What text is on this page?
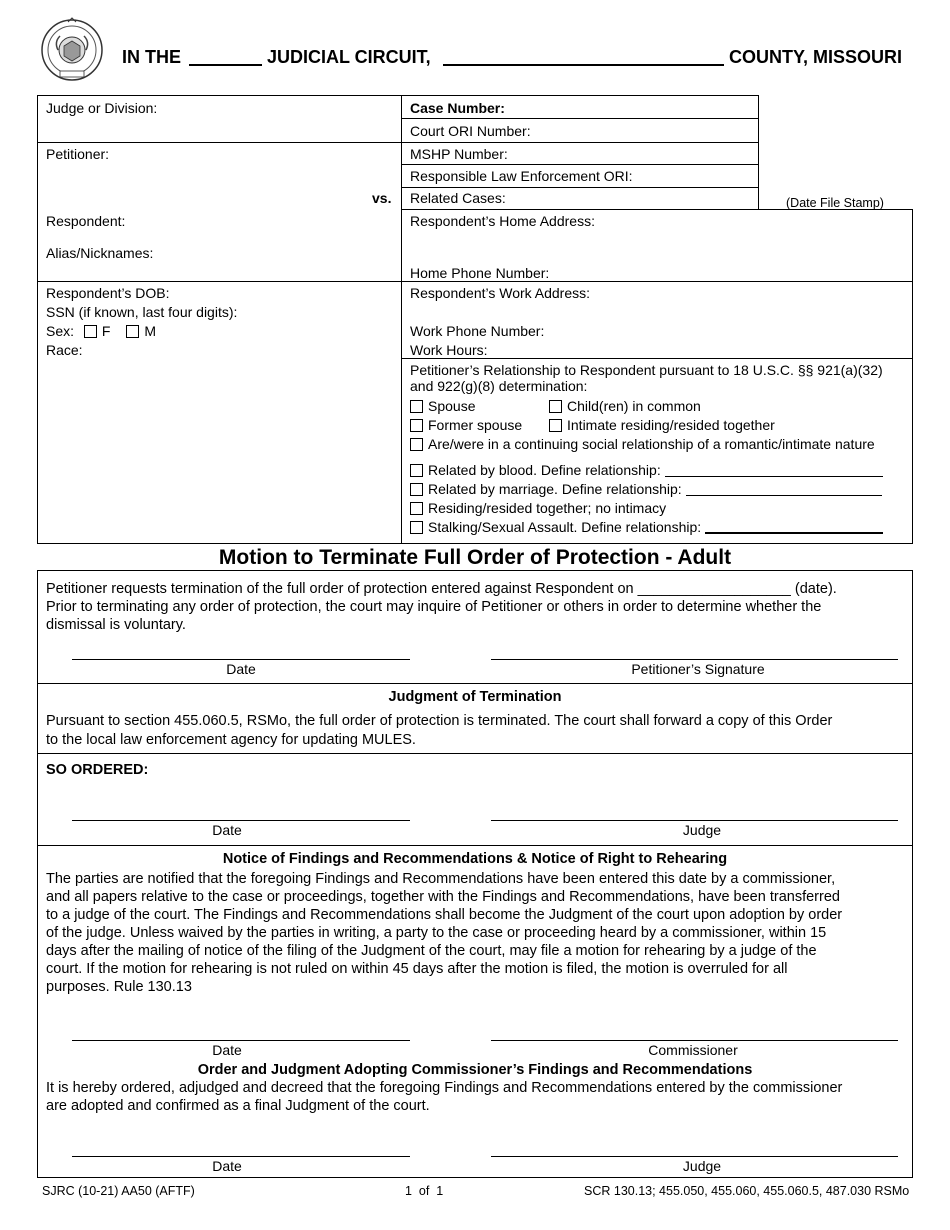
IN THE	JUDICIAL CIRCUIT,	COUNTY, MISSOURI
Judge or Division:
Petitioner:
vs.
Respondent:
Alias/Nicknames:
Respondent’s DOB:
SSN (if known, last four digits):
Sex: F M
Race:
Case Number:
Court ORI Number:
MSHP Number:
Responsible Law Enforcement ORI:
Related Cases:	(Date File Stamp)
Respondent’s Home Address:
Home Phone Number:
Respondent’s Work Address:
Work Phone Number:
Work Hours:
Petitioner’s Relationship to Respondent pursuant to 18 U.S.C. §§ 921(a)(32)
and 922(g)(8) determination:
Spouse	Child(ren) in common
Former spouse	Intimate residing/resided together
Are/were in a continuing social relationship of a romantic/intimate nature
Related by blood. Define relationship:
Related by marriage. Define relationship:
Residing/resided together; no intimacy
Stalking/Sexual Assault. Define relationship:
Motion to Terminate Full Order of Protection - Adult
Petitioner requests termination of the full order of protection entered against Respondent on ___________________ (date).
Prior to terminating any order of protection, the court may inquire of Petitioner or others in order to determine whether the
dismissal is voluntary.
Date	Petitioner’s Signature
Judgment of Termination
Pursuant to section 455.060.5, RSMo, the full order of protection is terminated. The court shall forward a copy of this Order
to the local law enforcement agency for updating MULES.
SO ORDERED:
Date	Judge
Notice of Findings and Recommendations & Notice of Right to Rehearing
The parties are notified that the foregoing Findings and Recommendations have been entered this date by a commissioner,
and all papers relative to the case or proceedings, together with the Findings and Recommendations, have been transferred
to a judge of the court. The Findings and Recommendations shall become the Judgment of the court upon adoption by order
of the judge. Unless waived by the parties in writing, a party to the case or proceeding heard by a commissioner, within 15
days after the mailing of notice of the filing of the Judgment of the court, may file a motion for rehearing by a judge of the
court. If the motion for rehearing is not ruled on within 45 days after the motion is filed, the motion is overruled for all
purposes. Rule 130.13
Date	Commissioner
Order and Judgment Adopting Commissioner’s Findings and Recommendations
It is hereby ordered, adjudged and decreed that the foregoing Findings and Recommendations entered by the commissioner
are adopted and confirmed as a final Judgment of the court.
Date	Judge
SJRC (10-21) AA50 (AFTF)	1  of  1	SCR 130.13; 455.050, 455.060, 455.060.5, 487.030 RSMo
